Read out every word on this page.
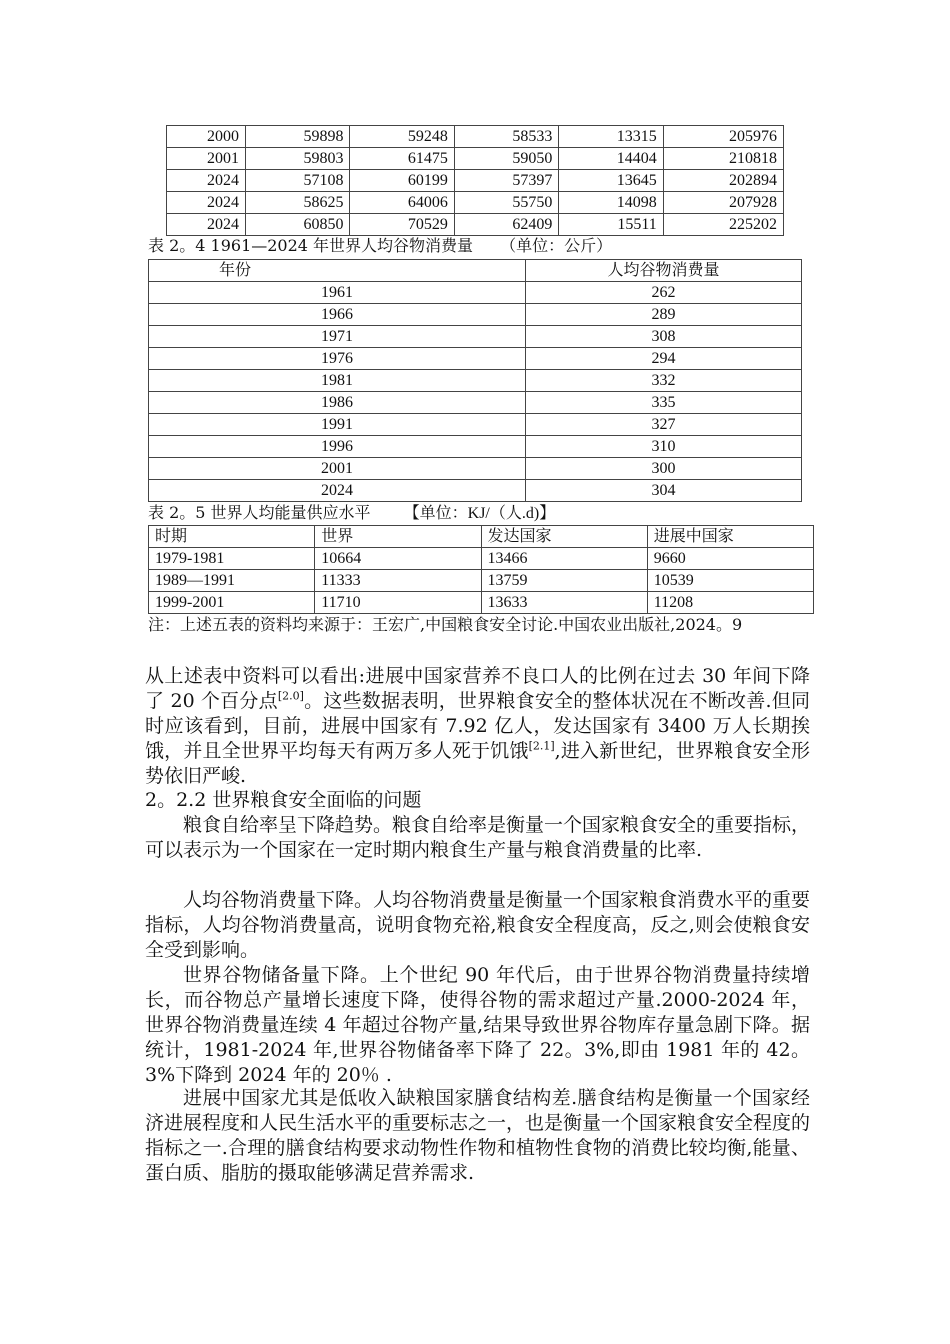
2000	59898	59248	58533	13315	205976
2001	59803	61475	59050	14404	210818
2024	57108	60199	57397	13645	202894
2024	58625	64006	55750	14098	207928
2024	60850	70529	62409	15511	225202
表 2。4 1961—2024 年世界人均谷物消费量 （单位：公斤）
年份	人均谷物消费量
1961	262
1966	289
1971	308
1976	294
1981	332
1986	335
1991	327
1996	310
2001	300
2024	304
表 2。5 世界人均能量供应水平 【单位：KJ/（人.d)】
时期	世界	发达国家	进展中国家
1979-1981	10664	13466	9660
1989—1991	11333	13759	10539
1999-2001	11710	13633	11208
注：上述五表的资料均来源于：王宏广,中国粮食安全讨论.中国农业出版社,2024。9
从上述表中资料可以看出:进展中国家营养不良口人的比例在过去 30 年间下降了 20 个百分点[2.0]。这些数据表明，世界粮食安全的整体状况在不断改善.但同时应该看到，目前，进展中国家有 7.92 亿人，发达国家有 3400 万人长期挨饿，并且全世界平均每天有两万多人死于饥饿[2.1],进入新世纪，世界粮食安全形势依旧严峻.
2。2.2 世界粮食安全面临的问题
粮食自给率呈下降趋势。粮食自给率是衡量一个国家粮食安全的重要指标，可以表示为一个国家在一定时期内粮食生产量与粮食消费量的比率.
人均谷物消费量下降。人均谷物消费量是衡量一个国家粮食消费水平的重要指标，人均谷物消费量高，说明食物充裕,粮食安全程度高，反之,则会使粮食安全受到影响。
世界谷物储备量下降。上个世纪 90 年代后，由于世界谷物消费量持续增长，而谷物总产量增长速度下降，使得谷物的需求超过产量.2000-2024 年，世界谷物消费量连续 4 年超过谷物产量,结果导致世界谷物库存量急剧下降。据统计，1981-2024 年,世界谷物储备率下降了 22。3%,即由 1981 年的 42。3%下降到 2024 年的 20％ .
进展中国家尤其是低收入缺粮国家膳食结构差.膳食结构是衡量一个国家经济进展程度和人民生活水平的重要标志之一，也是衡量一个国家粮食安全程度的指标之一.合理的膳食结构要求动物性作物和植物性食物的消费比较均衡,能量、蛋白质、脂肪的摄取能够满足营养需求.
